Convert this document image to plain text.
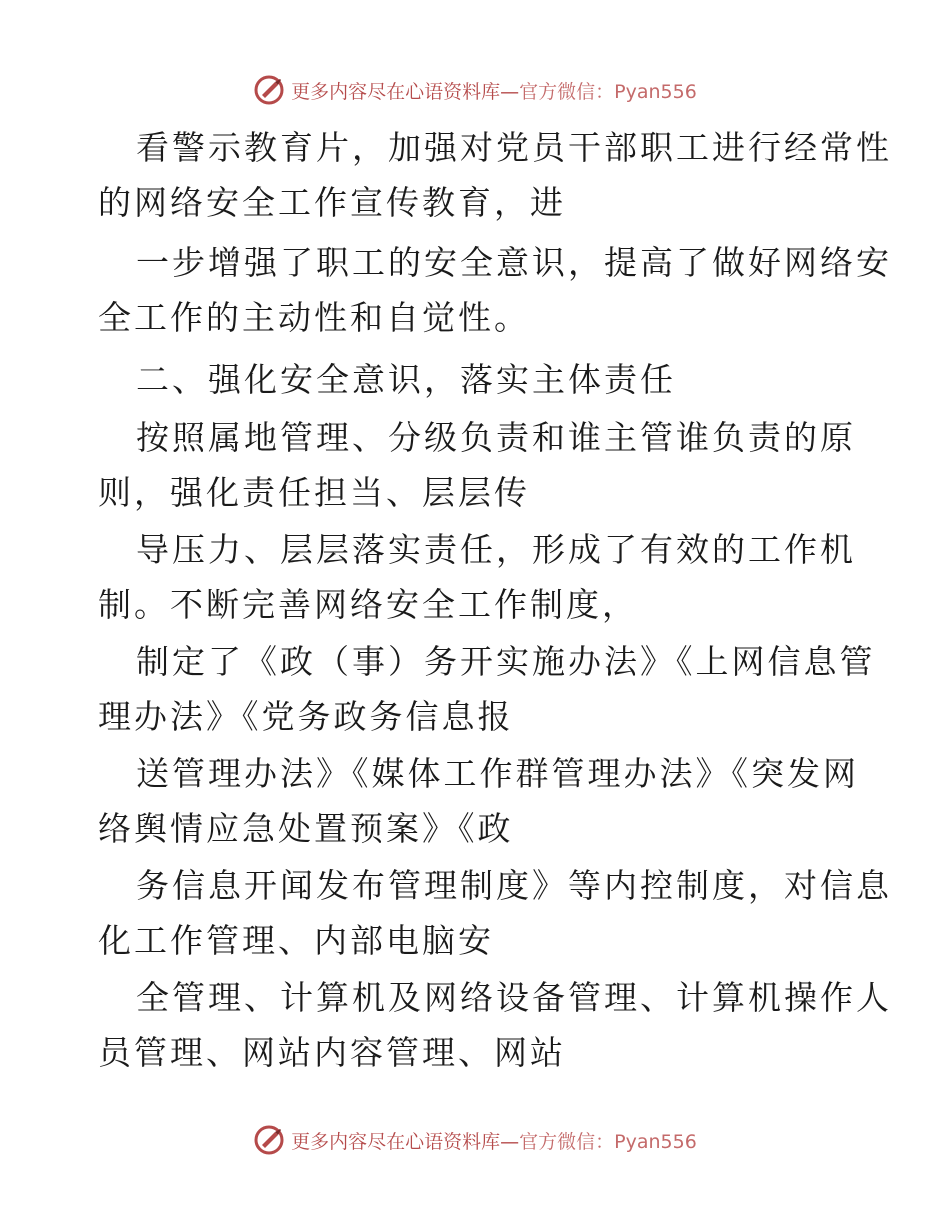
更多内容尽在心语资料库—官方微信：Pyan556

看警示教育片，加强对党员干部职工进行经常性
的网络安全工作宣传教育，进

一步增强了职工的安全意识，提高了做好网络安
全工作的主动性和自觉性。

二、强化安全意识，落实主体责任

按照属地管理、分级负责和谁主管谁负责的原
则，强化责任担当、层层传

导压力、层层落实责任，形成了有效的工作机
制。不断完善网络安全工作制度，

制定了《政（事）务开实施办法》《上网信息管
理办法》《党务政务信息报

送管理办法》《媒体工作群管理办法》《突发网
络舆情应急处置预案》《政

务信息开闻发布管理制度》等内控制度，对信息
化工作管理、内部电脑安

全管理、计算机及网络设备管理、计算机操作人
员管理、网站内容管理、网站

更多内容尽在心语资料库—官方微信：Pyan556
